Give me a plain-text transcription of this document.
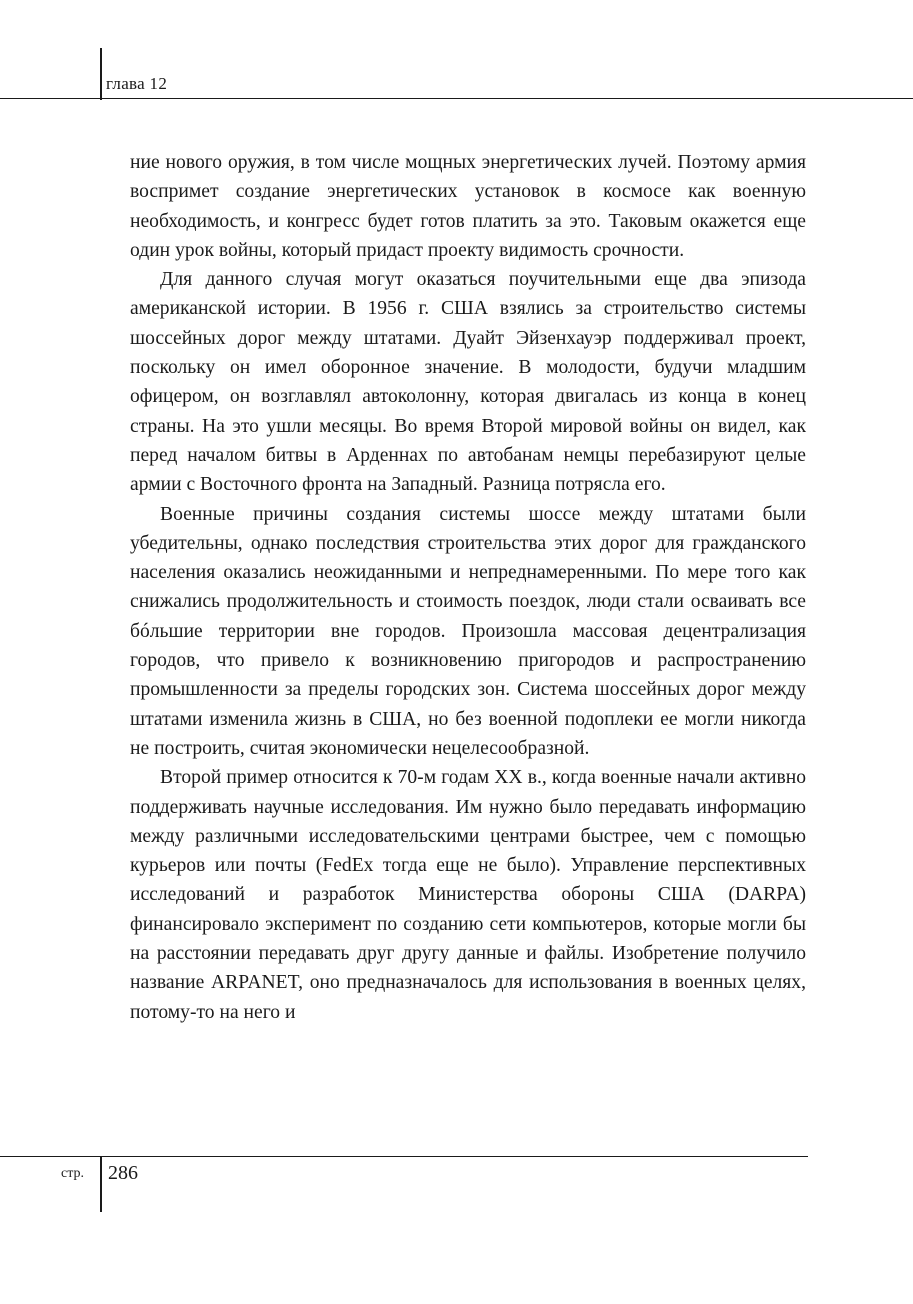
глава 12

ние нового оружия, в том числе мощных энергетических лучей. Поэтому армия воспримет создание энергетических установок в космосе как военную необходимость, и конгресс будет готов платить за это. Таковым окажется еще один урок войны, который придаст проекту видимость срочности.

Для данного случая могут оказаться поучительными еще два эпизода американской истории. В 1956 г. США взялись за строительство системы шоссейных дорог между штатами. Дуайт Эйзенхауэр поддерживал проект, поскольку он имел оборонное значение. В молодости, будучи младшим офицером, он возглавлял автоколонну, которая двигалась из конца в конец страны. На это ушли месяцы. Во время Второй мировой войны он видел, как перед началом битвы в Арденнах по автобанам немцы перебазируют целые армии с Восточного фронта на Западный. Разница потрясла его.

Военные причины создания системы шоссе между штатами были убедительны, однако последствия строительства этих дорог для гражданского населения оказались неожиданными и непреднамеренными. По мере того как снижались продолжительность и стоимость поездок, люди стали осваивать все бóльшие территории вне городов. Произошла массовая децентрализация городов, что привело к возникновению пригородов и распространению промышленности за пределы городских зон. Система шоссейных дорог между штатами изменила жизнь в США, но без военной подоплеки ее могли никогда не построить, считая экономически нецелесообразной.

Второй пример относится к 70-м годам XX в., когда военные начали активно поддерживать научные исследования. Им нужно было передавать информацию между различными исследовательскими центрами быстрее, чем с помощью курьеров или почты (FedEx тогда еще не было). Управление перспективных исследований и разработок Министерства обороны США (DARPA) финансировало эксперимент по созданию сети компьютеров, которые могли бы на расстоянии передавать друг другу данные и файлы. Изобретение получило название ARPANET, оно предназначалось для использования в военных целях, потому-то на него и

стр. 286
